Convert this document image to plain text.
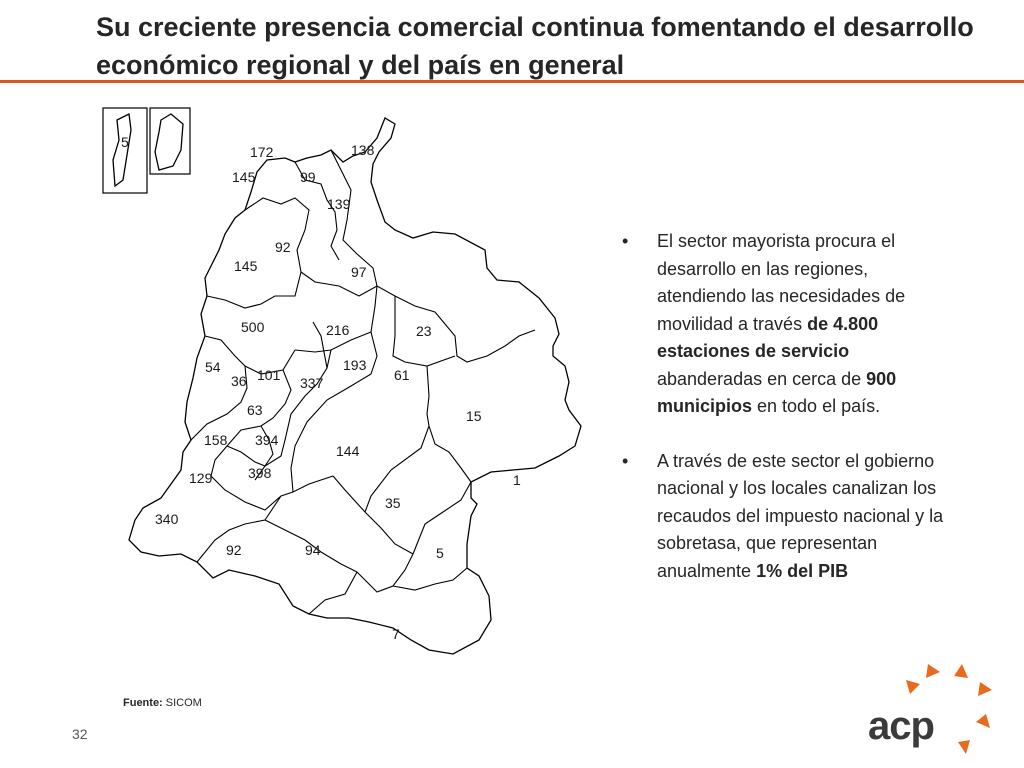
Su creciente presencia comercial continua fomentando el desarrollo económico regional y del país en general
5
172	138
145	99
139
92
145	97
500	216	23
54	193
36 101 337	61
63	15
158 394
144
398
129	1
35
340
92	94	5
7
• El sector mayorista procura el desarrollo en las regiones, atendiendo las necesidades de movilidad a través de 4.800 estaciones de servicio abanderadas en cerca de 900 municipios en todo el país.
• A través de este sector el gobierno nacional y los locales canalizan los recaudos del impuesto nacional y la sobretasa, que representan anualmente 1% del PIB
Fuente: SICOM
32	acp
